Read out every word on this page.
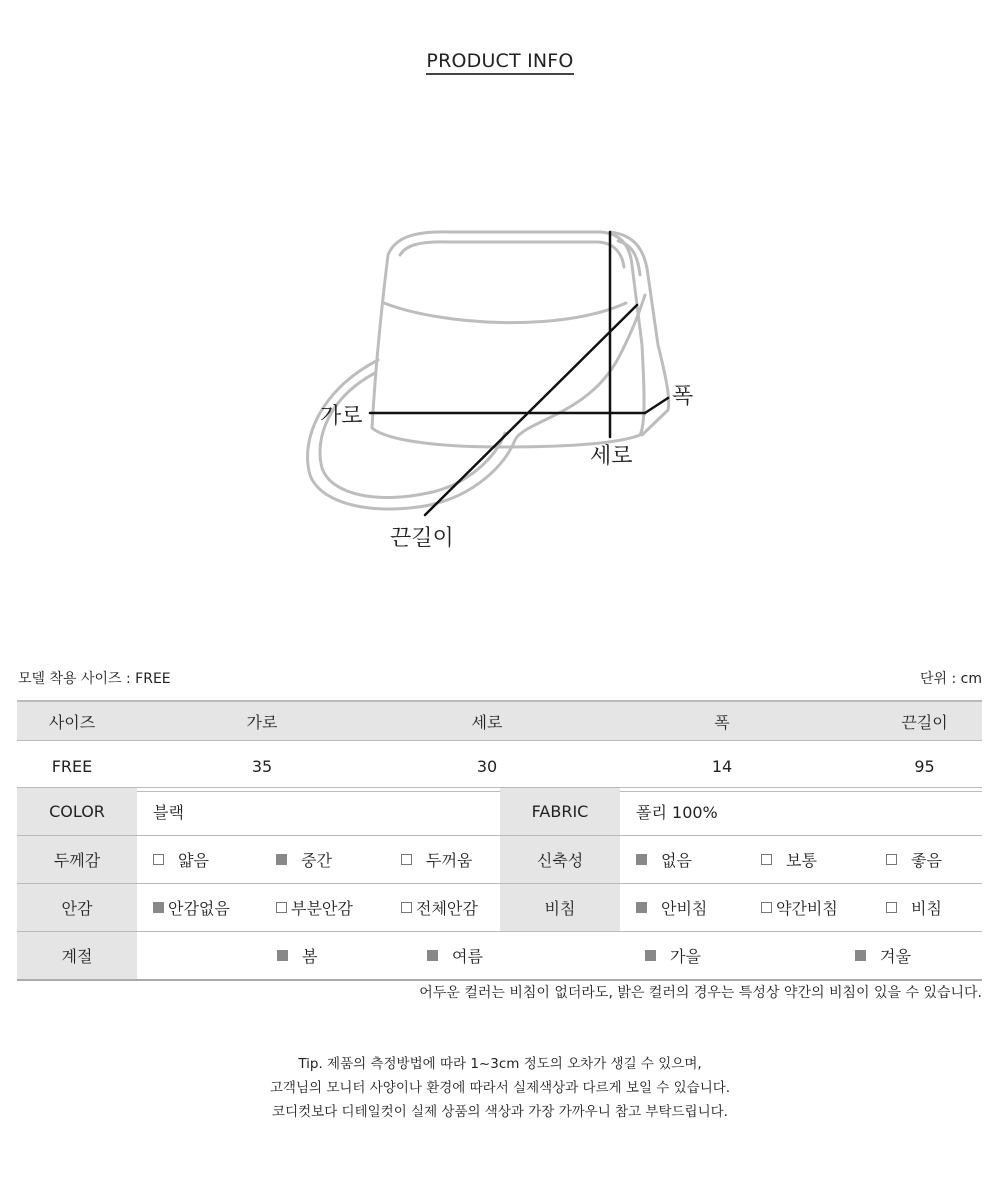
PRODUCT INFO
가로
세로
폭
끈길이
모델 착용 사이즈 : FREE	단위 : cm
사이즈	가로	세로	폭	끈길이
FREE	35	30	14	95
COLOR	블랙			FABRIC	폴리 100%		
두께감	얇음	중간	두꺼움	신축성	없음	보통	좋음
안감	안감없음	부분안감	전체안감	비침	안비침	약간비침	비침
계절	봄 여름 가을 겨울						
어두운 컬러는 비침이 없더라도, 밝은 컬러의 경우는 특성상 약간의 비침이 있을 수 있습니다.
Tip. 제품의 측정방법에 따라 1~3cm 정도의 오차가 생길 수 있으며,
고객님의 모니터 사양이나 환경에 따라서 실제색상과 다르게 보일 수 있습니다.
코디컷보다 디테일컷이 실제 상품의 색상과 가장 가까우니 참고 부탁드립니다.
